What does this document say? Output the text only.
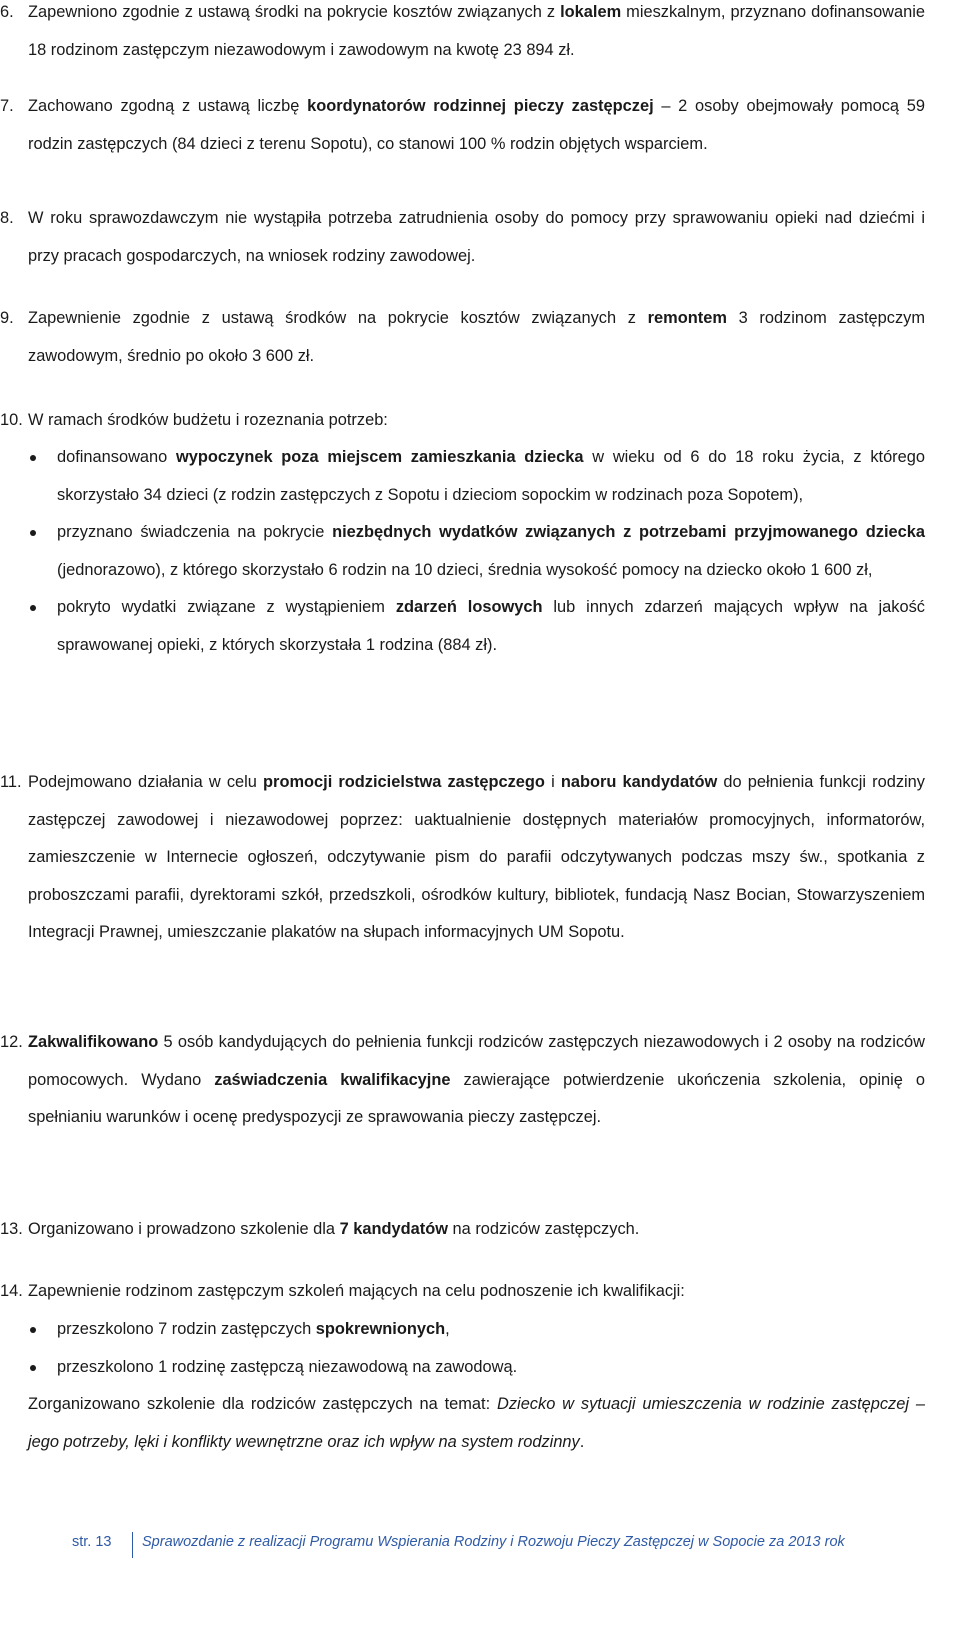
6. Zapewniono zgodnie z ustawą środki na pokrycie kosztów związanych z lokalem mieszkalnym, przyznano dofinansowanie 18 rodzinom zastępczym niezawodowym i zawodowym na kwotę 23 894 zł.
7. Zachowano zgodną z ustawą liczbę koordynatorów rodzinnej pieczy zastępczej – 2 osoby obejmowały pomocą 59 rodzin zastępczych (84 dzieci z terenu Sopotu), co stanowi 100 % rodzin objętych wsparciem.
8. W roku sprawozdawczym nie wystąpiła potrzeba zatrudnienia osoby do pomocy przy sprawowaniu opieki nad dziećmi i przy pracach gospodarczych, na wniosek rodziny zawodowej.
9. Zapewnienie zgodnie z ustawą środków na pokrycie kosztów związanych z remontem 3 rodzinom zastępczym zawodowym, średnio po około 3 600 zł.
10. W ramach środków budżetu i rozeznania potrzeb:
dofinansowano wypoczynek poza miejscem zamieszkania dziecka w wieku od 6 do 18 roku życia, z którego skorzystało 34 dzieci (z rodzin zastępczych z Sopotu i dzieciom sopockim w rodzinach poza Sopotem),
przyznano świadczenia na pokrycie niezbędnych wydatków związanych z potrzebami przyjmowanego dziecka (jednorazowo), z którego skorzystało 6 rodzin na 10 dzieci, średnia wysokość pomocy na dziecko około 1 600 zł,
pokryto wydatki związane z wystąpieniem zdarzeń losowych lub innych zdarzeń mających wpływ na jakość sprawowanej opieki, z których skorzystała 1 rodzina (884 zł).
11. Podejmowano działania w celu promocji rodzicielstwa zastępczego i naboru kandydatów do pełnienia funkcji rodziny zastępczej zawodowej i niezawodowej poprzez: uaktualnienie dostępnych materiałów promocyjnych, informatorów, zamieszczenie w Internecie ogłoszeń, odczytywanie pism do parafii odczytywanych podczas mszy św., spotkania z proboszczami parafii, dyrektorami szkół, przedszkoli, ośrodków kultury, bibliotek, fundacją Nasz Bocian, Stowarzyszeniem Integracji Prawnej, umieszczanie plakatów na słupach informacyjnych UM Sopotu.
12. Zakwalifikowano 5 osób kandydujących do pełnienia funkcji rodziców zastępczych niezawodowych i 2 osoby na rodziców pomocowych. Wydano zaświadczenia kwalifikacyjne zawierające potwierdzenie ukończenia szkolenia, opinię o spełnianiu warunków i ocenę predyspozycji ze sprawowania pieczy zastępczej.
13. Organizowano i prowadzono szkolenie dla 7 kandydatów na rodziców zastępczych.
14. Zapewnienie rodzinom zastępczym szkoleń mających na celu podnoszenie ich kwalifikacji:
przeszkolono 7 rodzin zastępczych spokrewnionych,
przeszkolono 1 rodzinę zastępczą niezawodową na zawodową.
Zorganizowano szkolenie dla rodziców zastępczych na temat: Dziecko w sytuacji umieszczenia w rodzinie zastępczej – jego potrzeby, lęki i konflikty wewnętrzne oraz ich wpływ na system rodzinny.
str. 13 Sprawozdanie z realizacji Programu Wspierania Rodziny i Rozwoju Pieczy Zastępczej w Sopocie za 2013 rok
